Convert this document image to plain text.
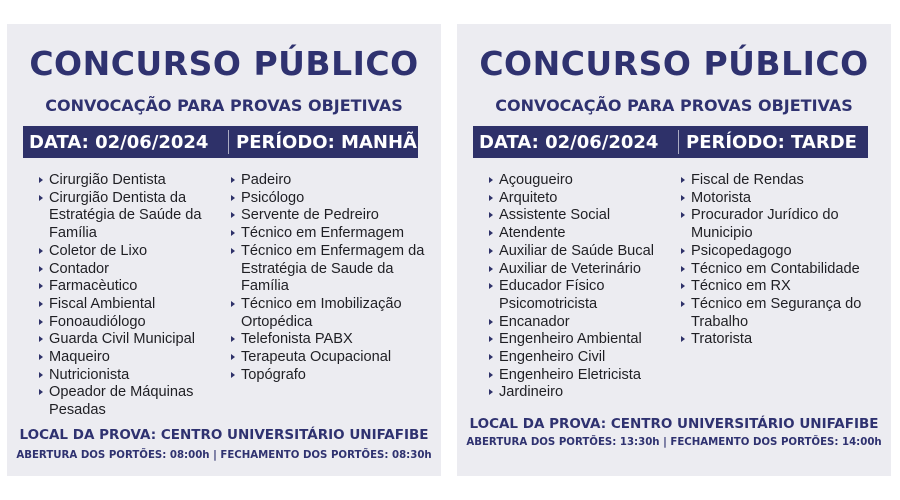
CONCURSO PÚBLICO
CONVOCAÇÃO PARA PROVAS OBJETIVAS
DATA: 02/06/2024 PERÍODO: MANHÃ
Cirurgião Dentista
Cirurgião Dentista da Estratégia de Saúde da Família
Coletor de Lixo
Contador
Farmacèutico
Fiscal Ambiental
Fonoaudiólogo
Guarda Civil Municipal
Maqueiro
Nutricionista
Opeador de Máquinas Pesadas
Padeiro
Psicólogo
Servente de Pedreiro
Técnico em Enfermagem
Técnico em Enfermagem da Estratégia de Saude da Família
Técnico em Imobilização Ortopédica
Telefonista PABX
Terapeuta Ocupacional
Topógrafo
LOCAL DA PROVA: CENTRO UNIVERSITÁRIO UNIFAFIBE
ABERTURA DOS PORTÕES: 08:00h | FECHAMENTO DOS PORTÕES: 08:30h
CONCURSO PÚBLICO
CONVOCAÇÃO PARA PROVAS OBJETIVAS
DATA: 02/06/2024 PERÍODO: TARDE
Açougueiro
Arquiteto
Assistente Social
Atendente
Auxiliar de Saúde Bucal
Auxiliar de Veterinário
Educador Físico Psicomotricista
Encanador
Engenheiro Ambiental
Engenheiro Civil
Engenheiro Eletricista
Jardineiro
Fiscal de Rendas
Motorista
Procurador Jurídico do Municipio
Psicopedagogo
Técnico em Contabilidade
Técnico em RX
Técnico em Segurança do Trabalho
Tratorista
LOCAL DA PROVA: CENTRO UNIVERSITÁRIO UNIFAFIBE
ABERTURA DOS PORTÕES: 13:30h | FECHAMENTO DOS PORTÕES: 14:00h
